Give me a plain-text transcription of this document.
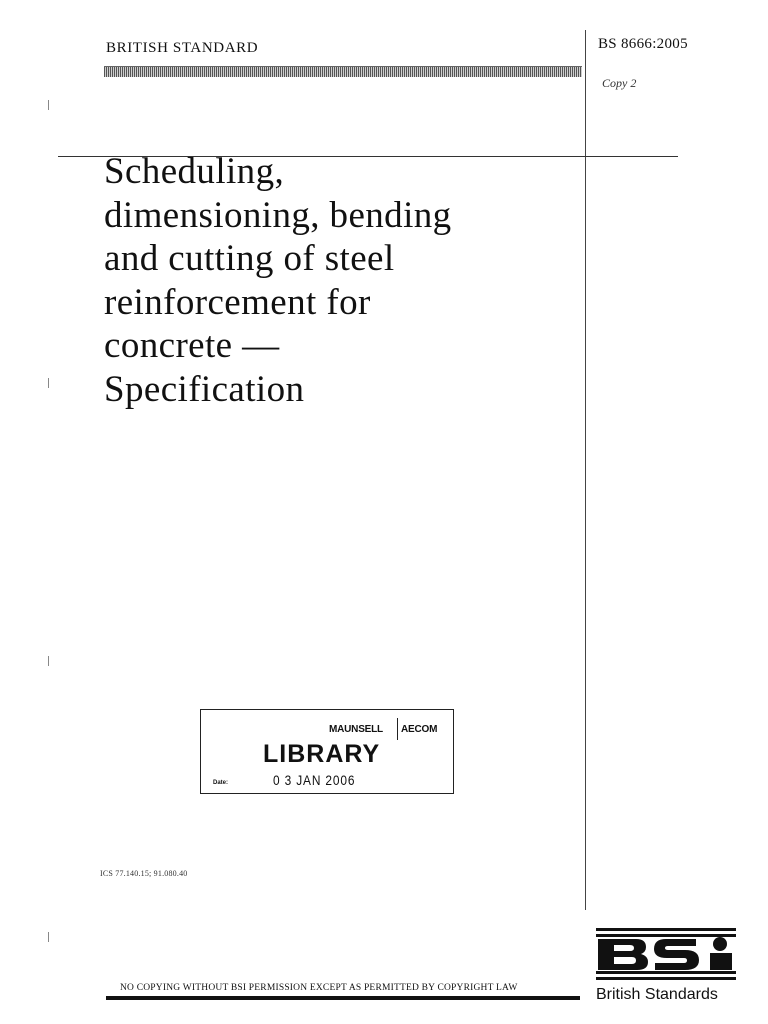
BRITISH STANDARD	BS 8666:2005
Copy 2
Scheduling,
dimensioning, bending
and cutting of steel
reinforcement for
concrete —
Specification
MAUNSELL AECOM
LIBRARY
Date:	0 3 JAN 2006
ICS 77.140.15; 91.080.40
NO COPYING WITHOUT BSI PERMISSION EXCEPT AS PERMITTED BY COPYRIGHT LAW	British Standards
